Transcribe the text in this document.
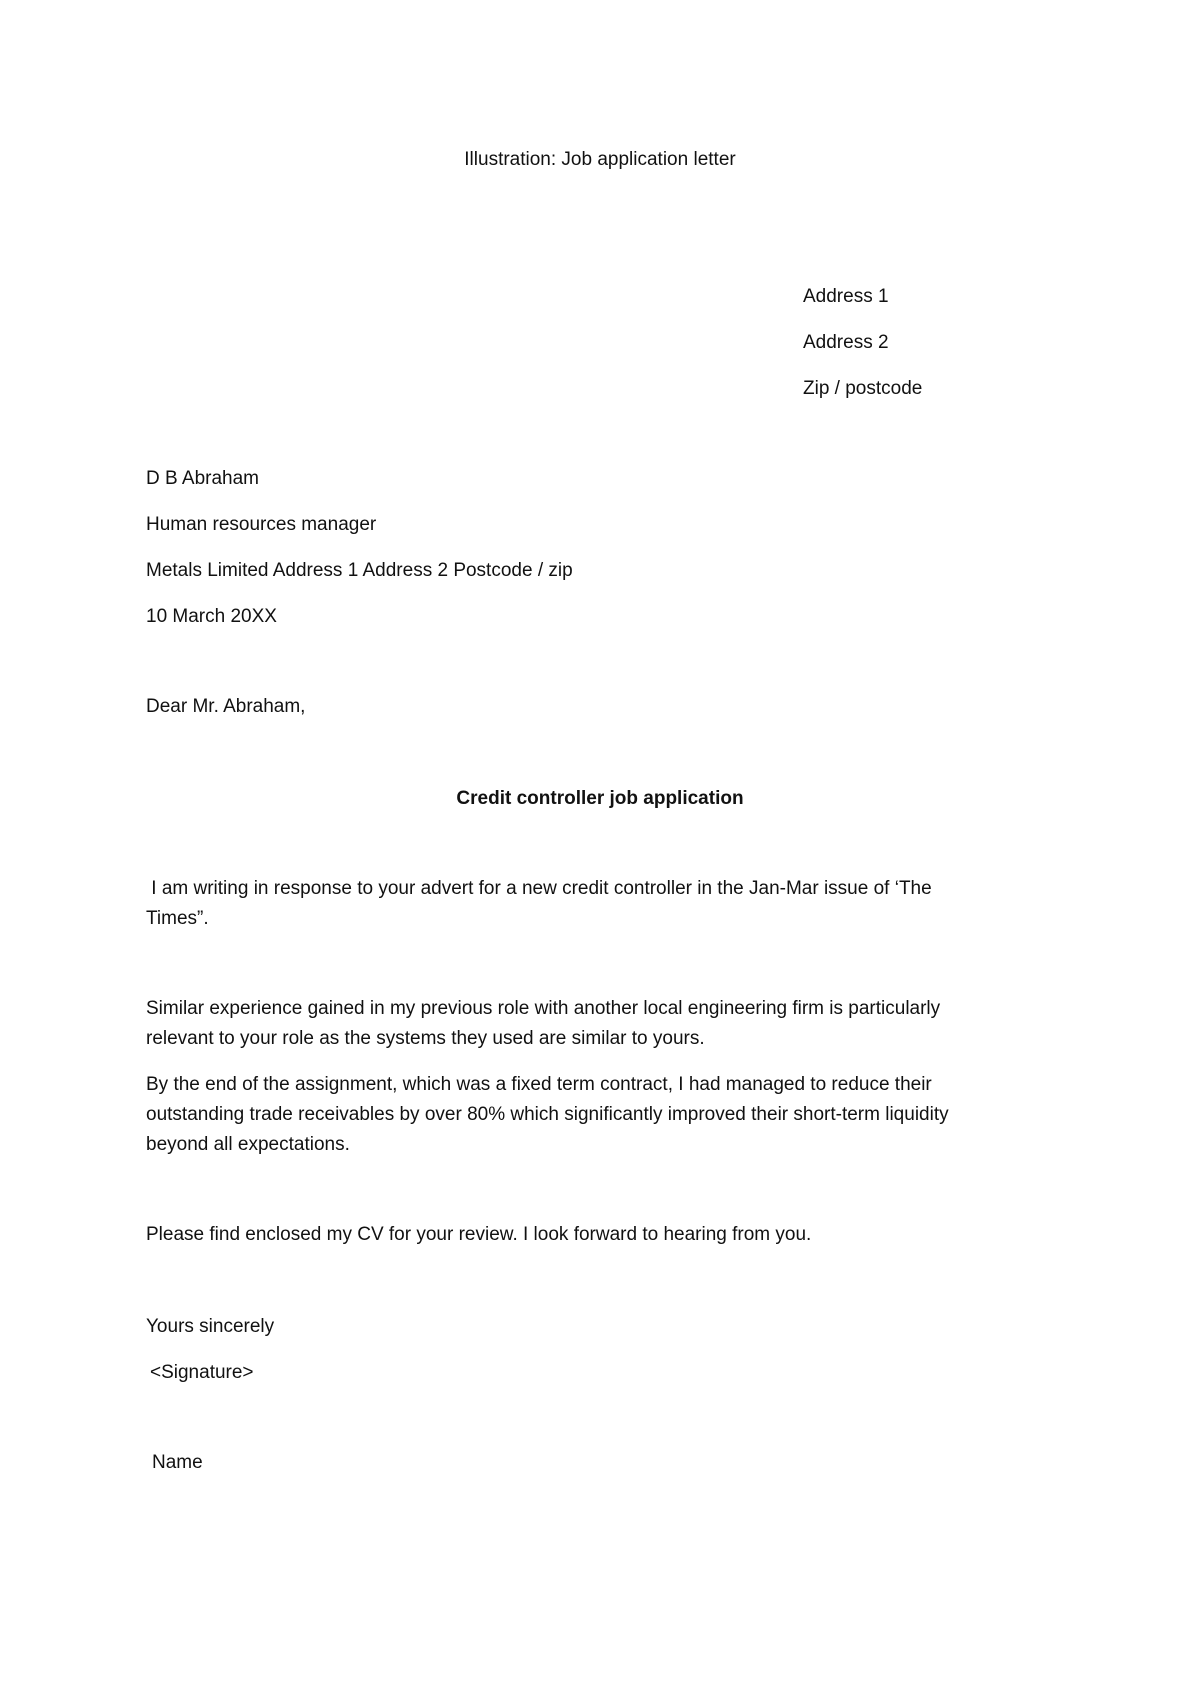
Illustration: Job application letter

Address 1

Address 2

Zip / postcode

D B Abraham

Human resources manager

Metals Limited Address 1 Address 2 Postcode / zip

10 March 20XX

Dear Mr. Abraham,

Credit controller job application

I am writing in response to your advert for a new credit controller in the Jan-Mar issue of ‘The

Times”.

Similar experience gained in my previous role with another local engineering firm is particularly

relevant to your role as the systems they used are similar to yours.

By the end of the assignment, which was a fixed term contract, I had managed to reduce their

outstanding trade receivables by over 80% which significantly improved their short-term liquidity

beyond all expectations.

Please find enclosed my CV for your review. I look forward to hearing from you.

Yours sincerely

<Signature>

Name
